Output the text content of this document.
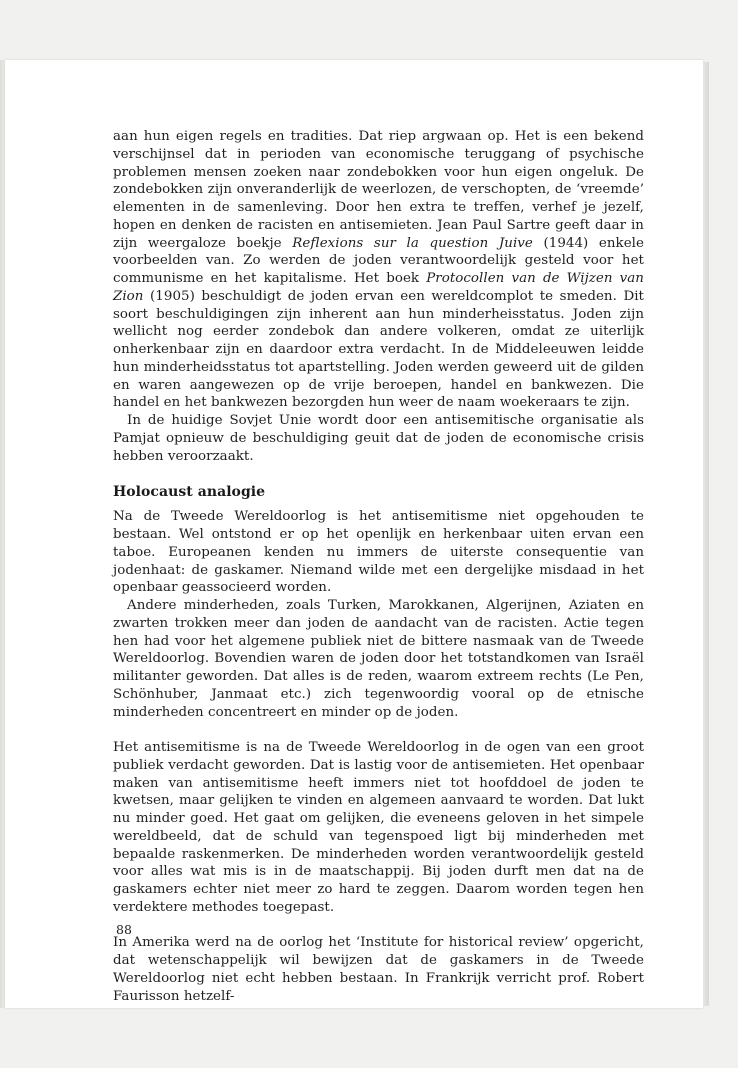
aan hun eigen regels en tradities. Dat riep argwaan op. Het is een bekend verschijnsel dat in perioden van economische teruggang of psychische problemen mensen zoeken naar zondebokken voor hun eigen ongeluk. De zondebokken zijn onveranderlijk de weerlozen, de verschopten, de ‘vreemde’ elementen in de samenleving. Door hen extra te treffen, verhef je jezelf, hopen en denken de racisten en antisemieten. Jean Paul Sartre geeft daar in zijn weergaloze boekje Reflexions sur la question Juive (1944) enkele voorbeelden van. Zo werden de joden verantwoordelijk gesteld voor het communisme en het kapitalisme. Het boek Protocollen van de Wijzen van Zion (1905) beschuldigt de joden ervan een wereldcomplot te smeden. Dit soort beschuldigingen zijn inherent aan hun minderheisstatus. Joden zijn wellicht nog eerder zondebok dan andere volkeren, omdat ze uiterlijk onherkenbaar zijn en daardoor extra verdacht. In de Middeleeuwen leidde hun minderheidsstatus tot apartstelling. Joden werden geweerd uit de gilden en waren aangewezen op de vrije beroepen, handel en bankwezen. Die handel en het bankwezen bezorgden hun weer de naam woekeraars te zijn.

In de huidige Sovjet Unie wordt door een antisemitische organisatie als Pamjat opnieuw de beschuldiging geuit dat de joden de economische crisis hebben veroorzaakt.

Holocaust analogie

Na de Tweede Wereldoorlog is het antisemitisme niet opgehouden te bestaan. Wel ontstond er op het openlijk en herkenbaar uiten ervan een taboe. Europeanen kenden nu immers de uiterste consequentie van jodenhaat: de gaskamer. Niemand wilde met een dergelijke misdaad in het openbaar geassocieerd worden.

Andere minderheden, zoals Turken, Marokkanen, Algerijnen, Aziaten en zwarten trokken meer dan joden de aandacht van de racisten. Actie tegen hen had voor het algemene publiek niet de bittere nasmaak van de Tweede Wereldoorlog. Bovendien waren de joden door het totstandkomen van Israël militanter geworden. Dat alles is de reden, waarom extreem rechts (Le Pen, Schönhuber, Janmaat etc.) zich tegenwoordig vooral op de etnische minderheden concentreert en minder op de joden.

Het antisemitisme is na de Tweede Wereldoorlog in de ogen van een groot publiek verdacht geworden. Dat is lastig voor de antisemieten. Het openbaar maken van antisemitisme heeft immers niet tot hoofddoel de joden te kwetsen, maar gelijken te vinden en algemeen aanvaard te worden. Dat lukt nu minder goed. Het gaat om gelijken, die eveneens geloven in het simpele wereldbeeld, dat de schuld van tegenspoed ligt bij minderheden met bepaalde raskenmerken. De minderheden worden verantwoordelijk gesteld voor alles wat mis is in de maatschappij. Bij joden durft men dat na de gaskamers echter niet meer zo hard te zeggen. Daarom worden tegen hen verdektere methodes toegepast.

In Amerika werd na de oorlog het ‘Institute for historical review’ opgericht, dat wetenschappelijk wil bewijzen dat de gaskamers in de Tweede Wereldoorlog niet echt hebben bestaan. In Frankrijk verricht prof. Robert Faurisson hetzelf-

88
